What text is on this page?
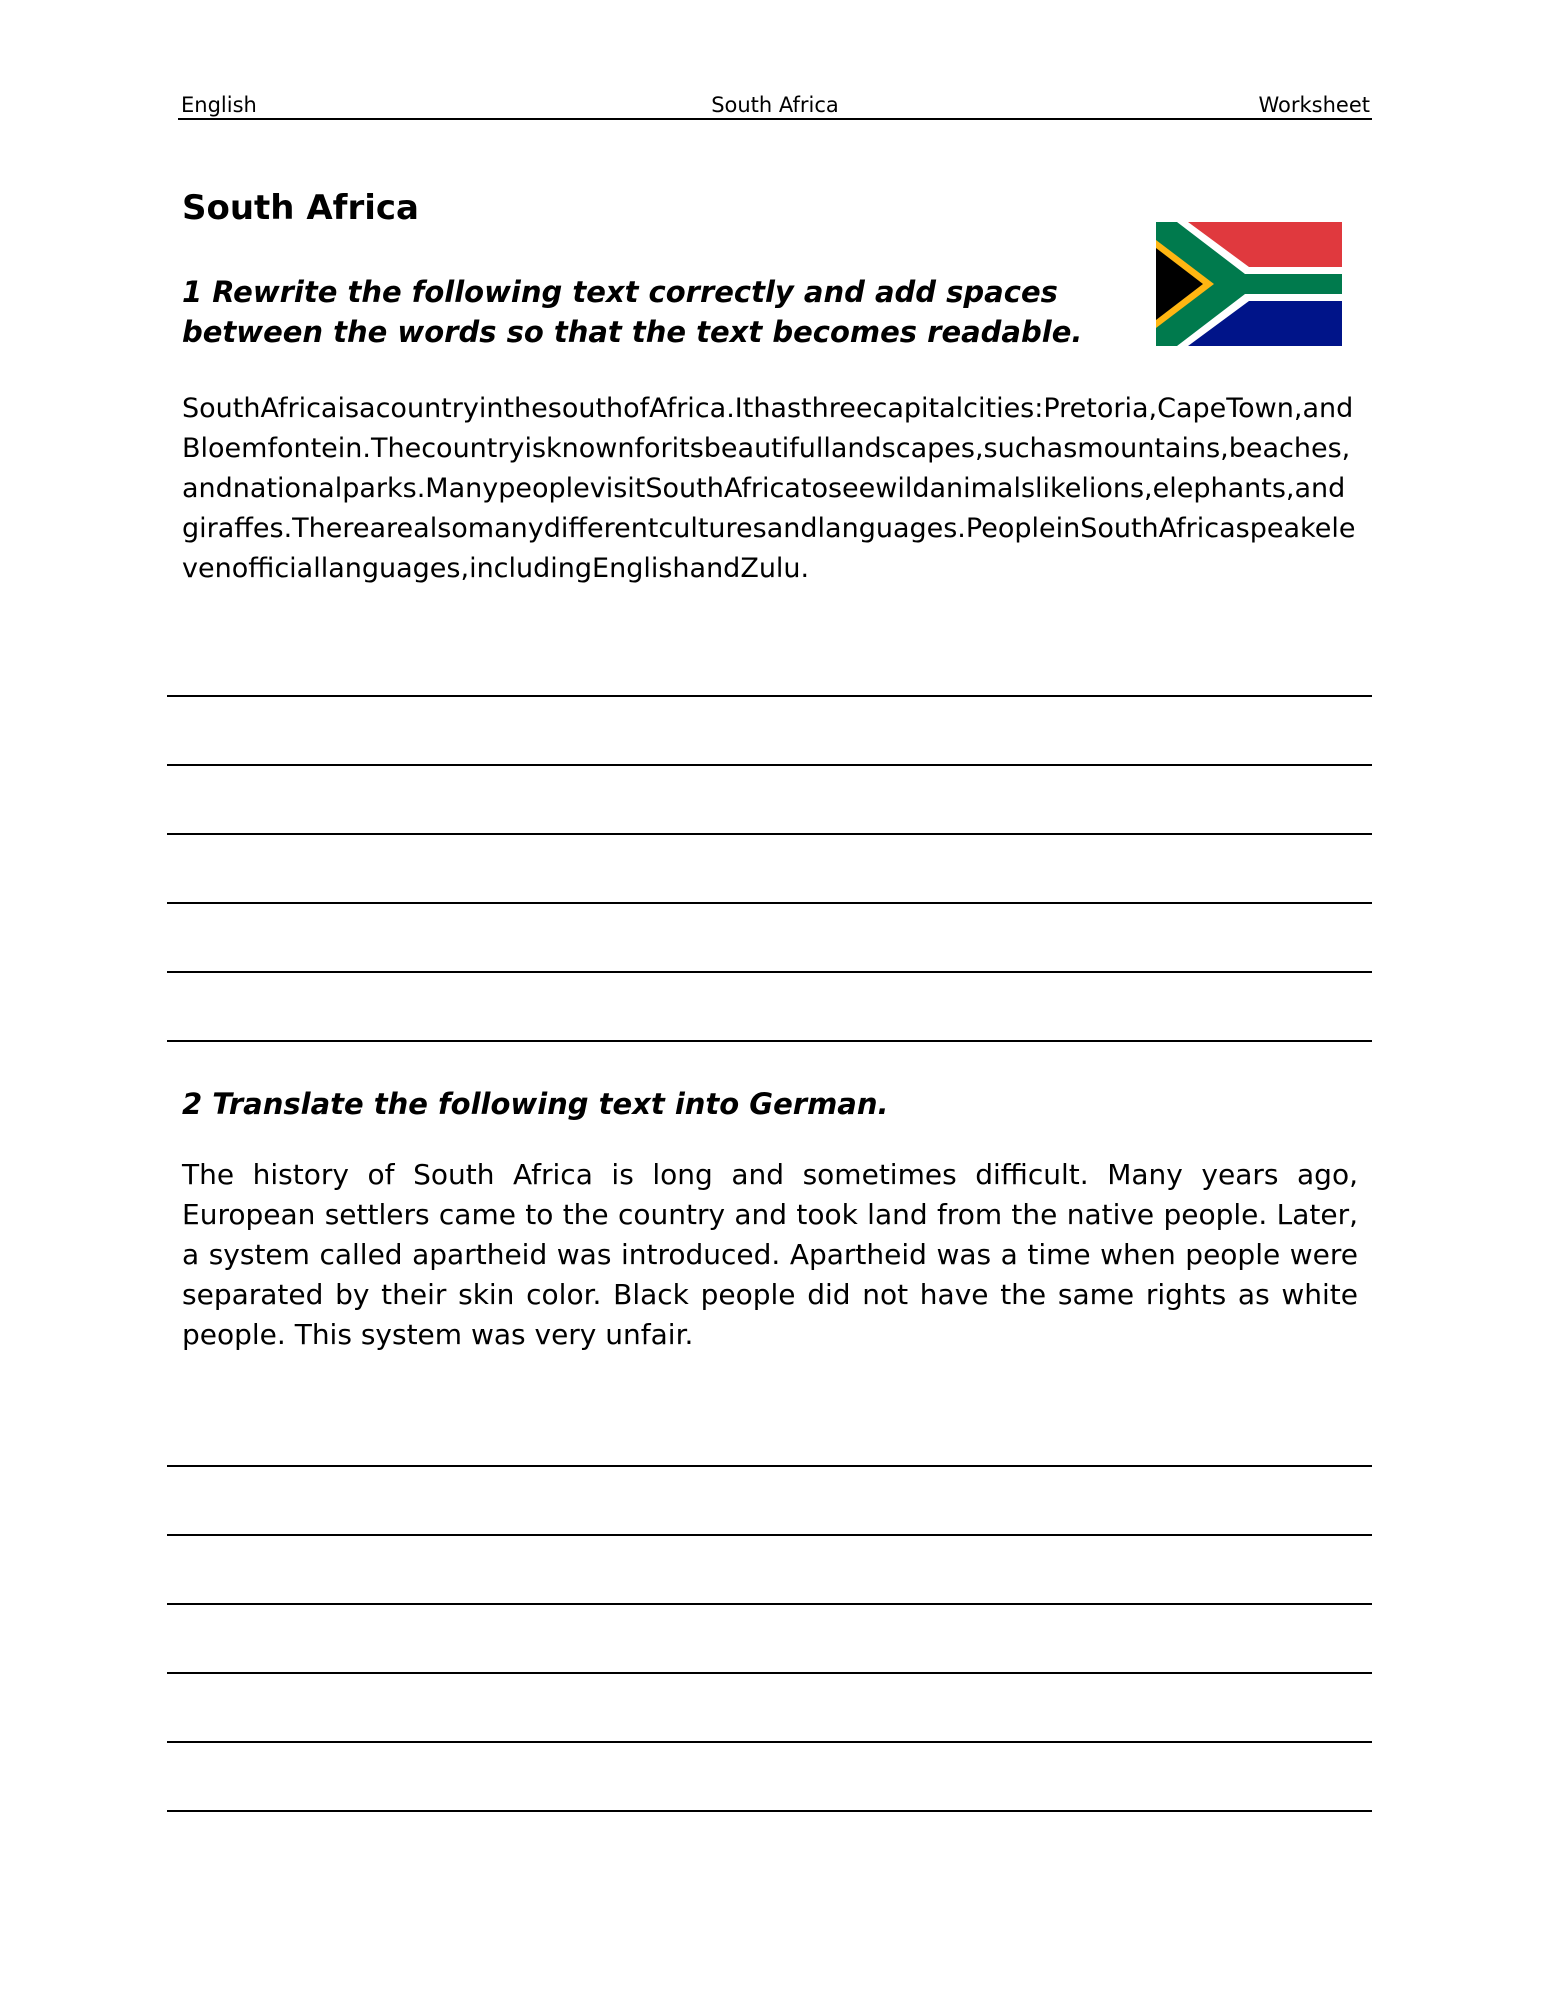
English	South Africa	Worksheet
South Africa

1 Rewrite the following text correctly and add spaces between the words so that the text becomes readable.

SouthAfricaisacountryinthesouthofAfrica.Ithasthreecapitalcities:Pretoria,CapeTown,andBloemfontein.Thecountryisknownforitsbeautifullandscapes,suchasmountains,beaches,andnationalparks.ManypeoplevisitSouthAfricatoseewildanimalslikelions,elephants,andgiraffes.Therearealsomanydifferentculturesandlanguages.PeopleinSouthAfricaspeakelevenofficiallanguages,includingEnglishandZulu.

2 Translate the following text into German.

The history of South Africa is long and sometimes difficult. Many years ago, European settlers came to the country and took land from the native people. Later, a system called apartheid was introduced. Apartheid was a time when people were separated by their skin color. Black people did not have the same rights as white people. This system was very unfair.
